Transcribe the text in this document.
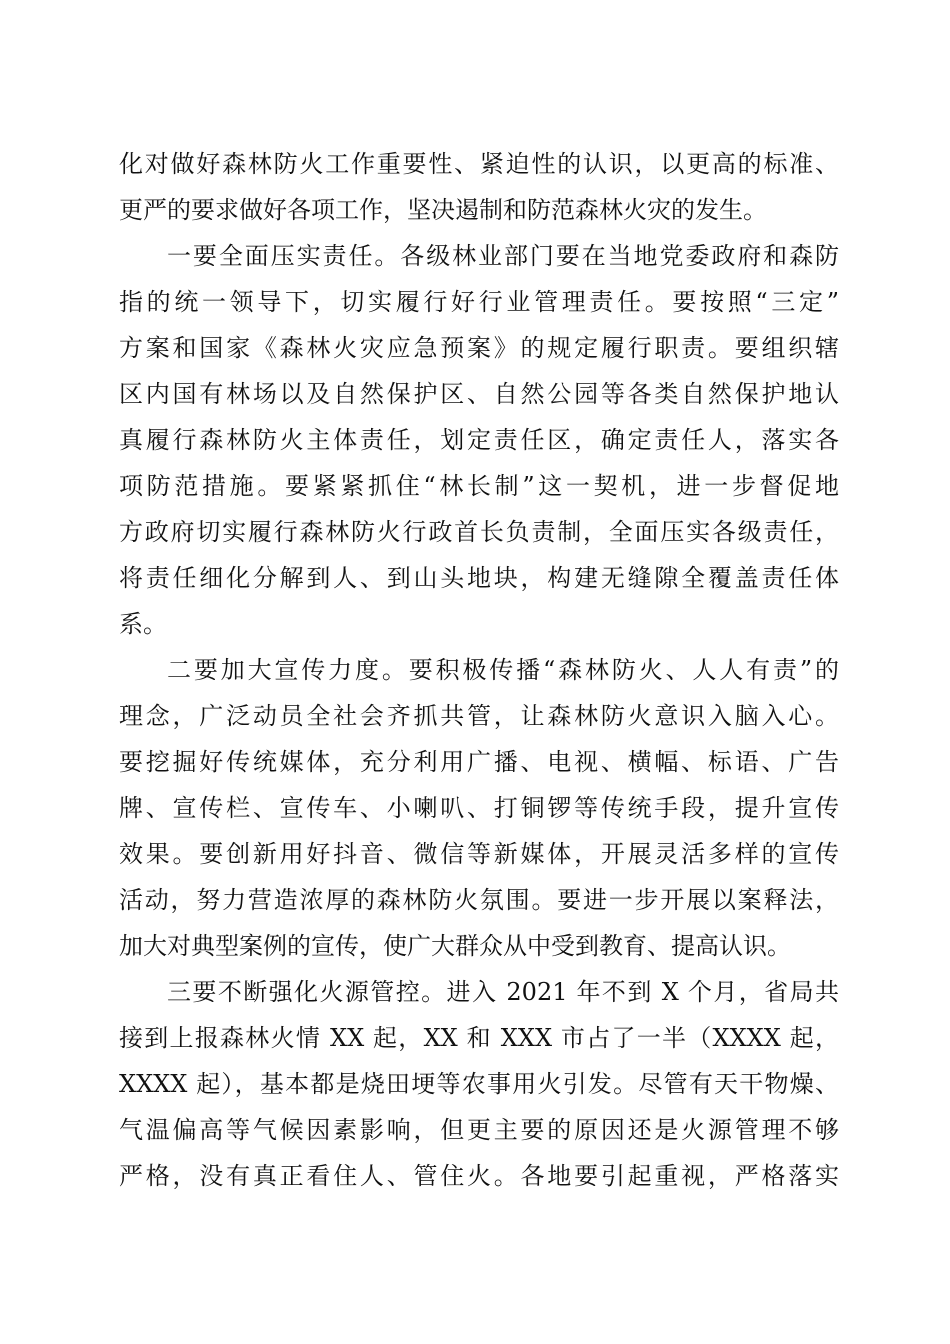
化对做好森林防火工作重要性、紧迫性的认识，以更高的标准、
更严的要求做好各项工作，坚决遏制和防范森林火灾的发生。
一要全面压实责任。各级林业部门要在当地党委政府和森防
指的统一领导下，切实履行好行业管理责任。要按照“三定”
方案和国家《森林火灾应急预案》的规定履行职责。要组织辖
区内国有林场以及自然保护区、自然公园等各类自然保护地认
真履行森林防火主体责任，划定责任区，确定责任人，落实各
项防范措施。要紧紧抓住“林长制”这一契机，进一步督促地
方政府切实履行森林防火行政首长负责制，全面压实各级责任，
将责任细化分解到人、到山头地块，构建无缝隙全覆盖责任体
系。
二要加大宣传力度。要积极传播“森林防火、人人有责”的
理念，广泛动员全社会齐抓共管，让森林防火意识入脑入心。
要挖掘好传统媒体，充分利用广播、电视、横幅、标语、广告
牌、宣传栏、宣传车、小喇叭、打铜锣等传统手段，提升宣传
效果。要创新用好抖音、微信等新媒体，开展灵活多样的宣传
活动，努力营造浓厚的森林防火氛围。要进一步开展以案释法，
加大对典型案例的宣传，使广大群众从中受到教育、提高认识。
三要不断强化火源管控。进入 2021 年不到 X 个月，省局共
接到上报森林火情 XX 起，XX 和 XXX 市占了一半（XXXX 起，
XXXX 起），基本都是烧田埂等农事用火引发。尽管有天干物燥、
气温偏高等气候因素影响，但更主要的原因还是火源管理不够
严格，没有真正看住人、管住火。各地要引起重视，严格落实
